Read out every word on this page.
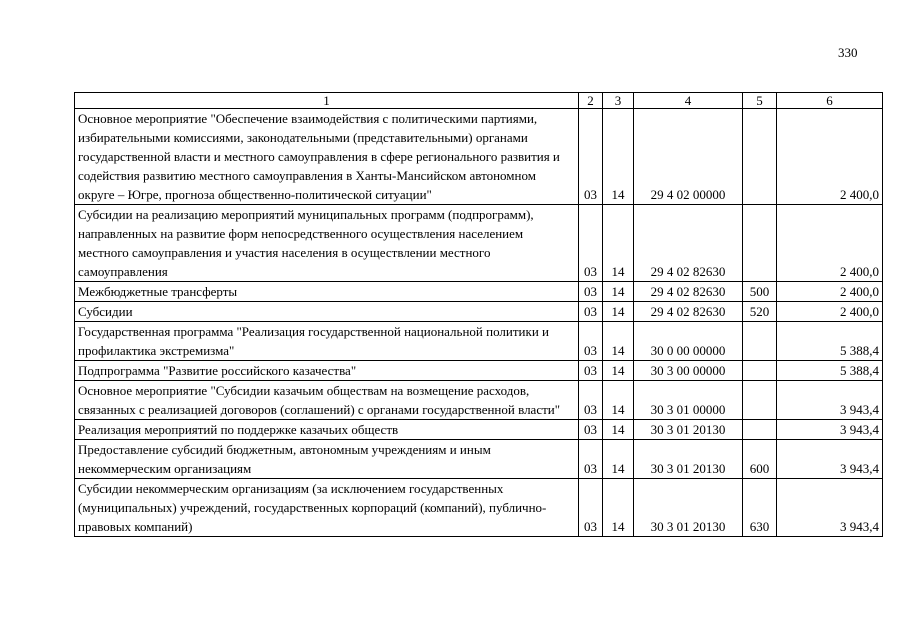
330
1	2	3	4	5	6
Основное мероприятие "Обеспечение взаимодействия с политическими партиями, избирательными комиссиями, законодательными (представительными) органами государственной власти и местного самоуправления в сфере регионального развития и содействия развитию местного самоуправления в Ханты-Мансийском автономном округе – Югре, прогноза общественно-политической ситуации"	03	14	29 4 02 00000		2 400,0
Субсидии на реализацию мероприятий муниципальных программ (подпрограмм), направленных на развитие форм непосредственного осуществления населением местного самоуправления и участия населения в осуществлении местного самоуправления	03	14	29 4 02 82630		2 400,0
Межбюджетные трансферты	03	14	29 4 02 82630	500	2 400,0
Субсидии	03	14	29 4 02 82630	520	2 400,0
Государственная программа "Реализация государственной национальной политики и профилактика экстремизма"	03	14	30 0 00 00000		5 388,4
Подпрограмма "Развитие российского казачества"	03	14	30 3 00 00000		5 388,4
Основное мероприятие "Субсидии казачьим обществам на возмещение расходов, связанных с реализацией договоров (соглашений) с органами государственной власти"	03	14	30 3 01 00000		3 943,4
Реализация мероприятий по поддержке казачьих обществ	03	14	30 3 01 20130		3 943,4
Предоставление субсидий бюджетным, автономным учреждениям и иным некоммерческим организациям	03	14	30 3 01 20130	600	3 943,4
Субсидии некоммерческим организациям (за исключением государственных (муниципальных) учреждений, государственных корпораций (компаний), публично-правовых компаний)	03	14	30 3 01 20130	630	3 943,4
